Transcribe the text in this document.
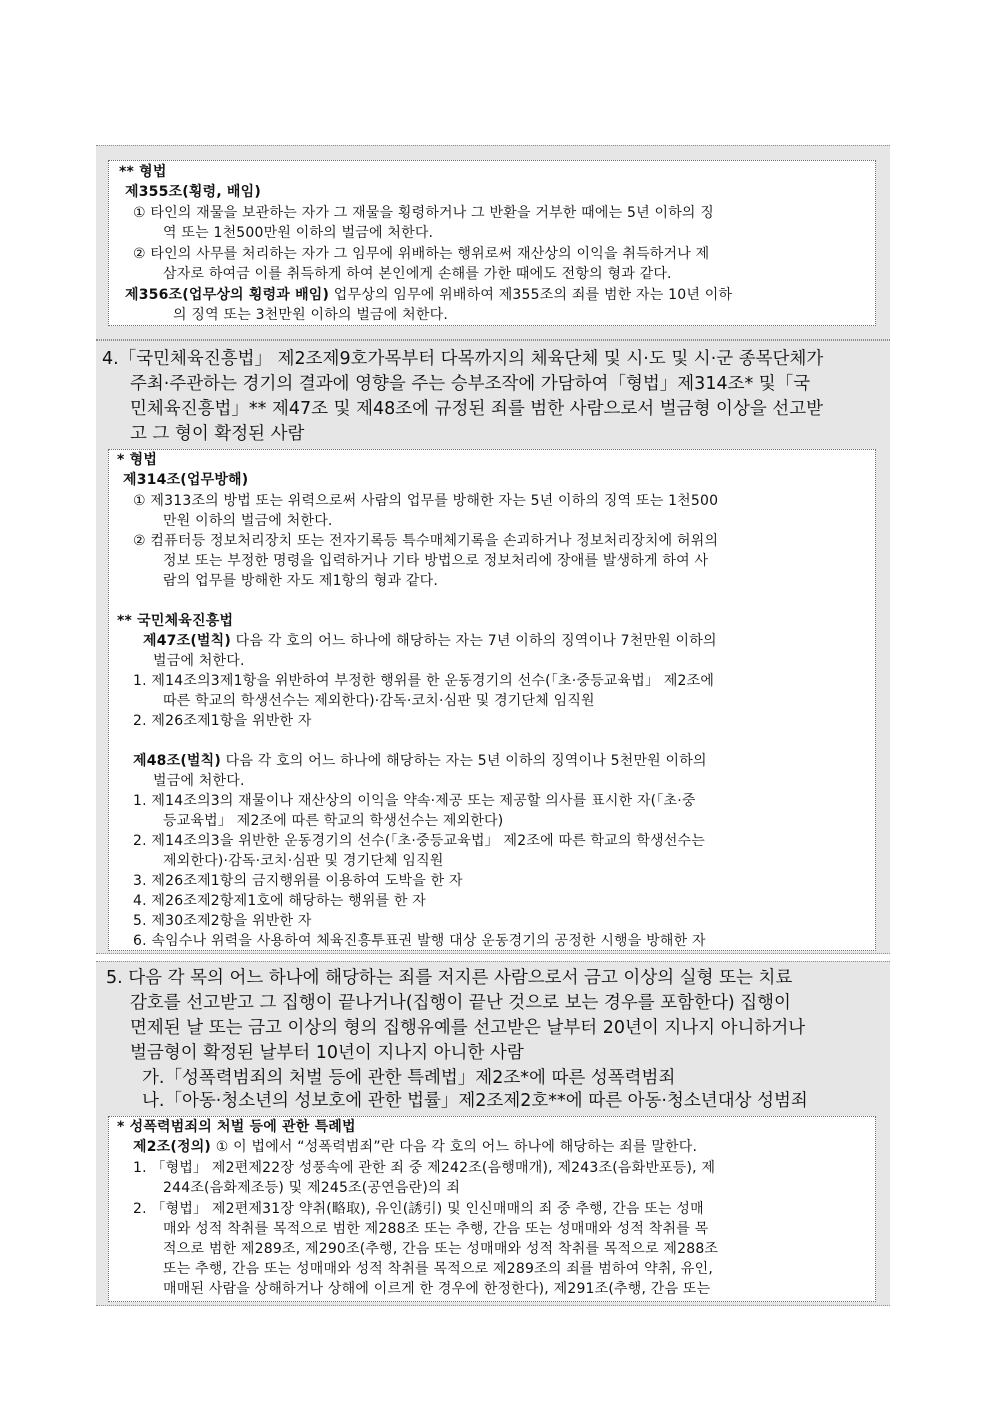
** 형법
제355조(횡령, 배임)
① 타인의 재물을 보관하는 자가 그 재물을 횡령하거나 그 반환을 거부한 때에는 5년 이하의 징
역 또는 1천500만원 이하의 벌금에 처한다.
② 타인의 사무를 처리하는 자가 그 임무에 위배하는 행위로써 재산상의 이익을 취득하거나 제
삼자로 하여금 이를 취득하게 하여 본인에게 손해를 가한 때에도 전항의 형과 같다.
제356조(업무상의 횡령과 배임) 업무상의 임무에 위배하여 제355조의 죄를 범한 자는 10년 이하
의 징역 또는 3천만원 이하의 벌금에 처한다.
4.「국민체육진흥법」 제2조제9호가목부터 다목까지의 체육단체 및 시·도 및 시·군 종목단체가
주최·주관하는 경기의 결과에 영향을 주는 승부조작에 가담하여「형법」제314조* 및「국
민체육진흥법」** 제47조 및 제48조에 규정된 죄를 범한 사람으로서 벌금형 이상을 선고받
고 그 형이 확정된 사람
* 형법
제314조(업무방해)
① 제313조의 방법 또는 위력으로써 사람의 업무를 방해한 자는 5년 이하의 징역 또는 1천500
만원 이하의 벌금에 처한다.
② 컴퓨터등 정보처리장치 또는 전자기록등 특수매체기록을 손괴하거나 정보처리장치에 허위의
정보 또는 부정한 명령을 입력하거나 기타 방법으로 정보처리에 장애를 발생하게 하여 사
람의 업무를 방해한 자도 제1항의 형과 같다.
** 국민체육진흥법
제47조(벌칙) 다음 각 호의 어느 하나에 해당하는 자는 7년 이하의 징역이나 7천만원 이하의
벌금에 처한다.
1. 제14조의3제1항을 위반하여 부정한 행위를 한 운동경기의 선수(「초·중등교육법」 제2조에
따른 학교의 학생선수는 제외한다)·감독·코치·심판 및 경기단체 임직원
2. 제26조제1항을 위반한 자
제48조(벌칙) 다음 각 호의 어느 하나에 해당하는 자는 5년 이하의 징역이나 5천만원 이하의
벌금에 처한다.
1. 제14조의3의 재물이나 재산상의 이익을 약속·제공 또는 제공할 의사를 표시한 자(「초·중
등교육법」 제2조에 따른 학교의 학생선수는 제외한다)
2. 제14조의3을 위반한 운동경기의 선수(「초·중등교육법」 제2조에 따른 학교의 학생선수는
제외한다)·감독·코치·심판 및 경기단체 임직원
3. 제26조제1항의 금지행위를 이용하여 도박을 한 자
4. 제26조제2항제1호에 해당하는 행위를 한 자
5. 제30조제2항을 위반한 자
6. 속임수나 위력을 사용하여 체육진흥투표권 발행 대상 운동경기의 공정한 시행을 방해한 자
5. 다음 각 목의 어느 하나에 해당하는 죄를 저지른 사람으로서 금고 이상의 실형 또는 치료
감호를 선고받고 그 집행이 끝나거나(집행이 끝난 것으로 보는 경우를 포함한다) 집행이
면제된 날 또는 금고 이상의 형의 집행유예를 선고받은 날부터 20년이 지나지 아니하거나
벌금형이 확정된 날부터 10년이 지나지 아니한 사람
가.「성폭력범죄의 처벌 등에 관한 특례법」제2조*에 따른 성폭력범죄
나.「아동·청소년의 성보호에 관한 법률」제2조제2호**에 따른 아동·청소년대상 성범죄
* 성폭력범죄의 처벌 등에 관한 특례법
제2조(정의) ① 이 법에서 “성폭력범죄”란 다음 각 호의 어느 하나에 해당하는 죄를 말한다.
1. 「형법」 제2편제22장 성풍속에 관한 죄 중 제242조(음행매개), 제243조(음화반포등), 제
244조(음화제조등) 및 제245조(공연음란)의 죄
2. 「형법」 제2편제31장 약취(略取), 유인(誘引) 및 인신매매의 죄 중 추행, 간음 또는 성매
매와 성적 착취를 목적으로 범한 제288조 또는 추행, 간음 또는 성매매와 성적 착취를 목
적으로 범한 제289조, 제290조(추행, 간음 또는 성매매와 성적 착취를 목적으로 제288조
또는 추행, 간음 또는 성매매와 성적 착취를 목적으로 제289조의 죄를 범하여 약취, 유인,
매매된 사람을 상해하거나 상해에 이르게 한 경우에 한정한다), 제291조(추행, 간음 또는
